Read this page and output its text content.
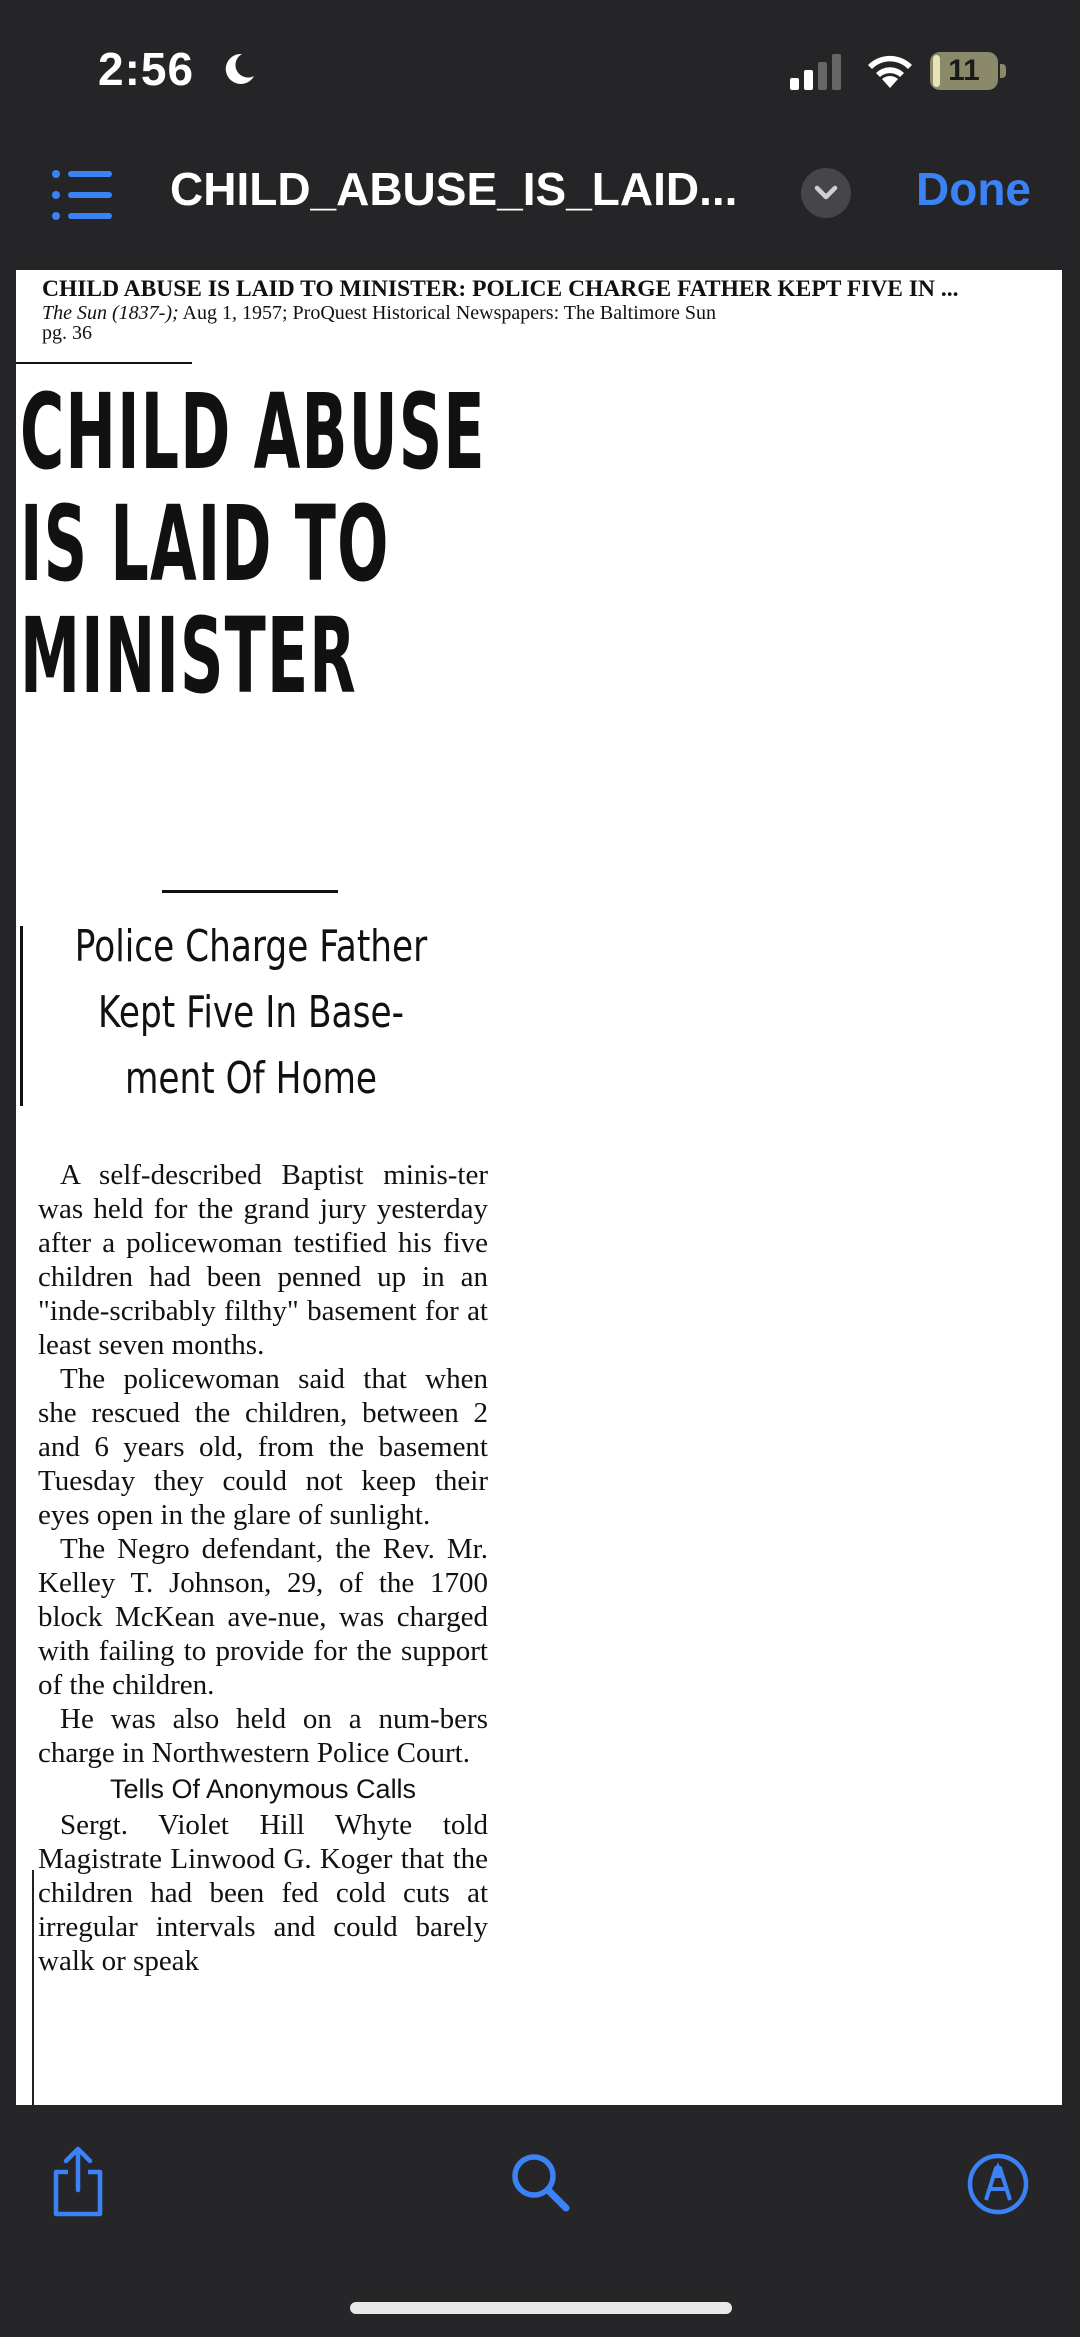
2:56	11
CHILD_ABUSE_IS_LAID...	Done
CHILD ABUSE IS LAID TO MINISTER: POLICE CHARGE FATHER KEPT FIVE IN ...
The Sun (1837-); Aug 1, 1957; ProQuest Historical Newspapers: The Baltimore Sun
pg. 36
CHILD ABUSE
IS LAID TO
MINISTER
Police Charge Father
Kept Five In Base-
ment Of Home

A self-described Baptist minis-ter was held for the grand jury yesterday after a policewoman testified his five children had been penned up in an "inde-scribably filthy" basement for at least seven months.

The policewoman said that when she rescued the children, between 2 and 6 years old, from the basement Tuesday they could not keep their eyes open in the glare of sunlight.

The Negro defendant, the Rev. Mr. Kelley T. Johnson, 29, of the 1700 block McKean ave-nue, was charged with failing to provide for the support of the children.

He was also held on a num-bers charge in Northwestern Police Court.

Tells Of Anonymous Calls

Sergt. Violet Hill Whyte told Magistrate Linwood G. Koger that the children had been fed cold cuts at irregular intervals and could barely walk or speak
